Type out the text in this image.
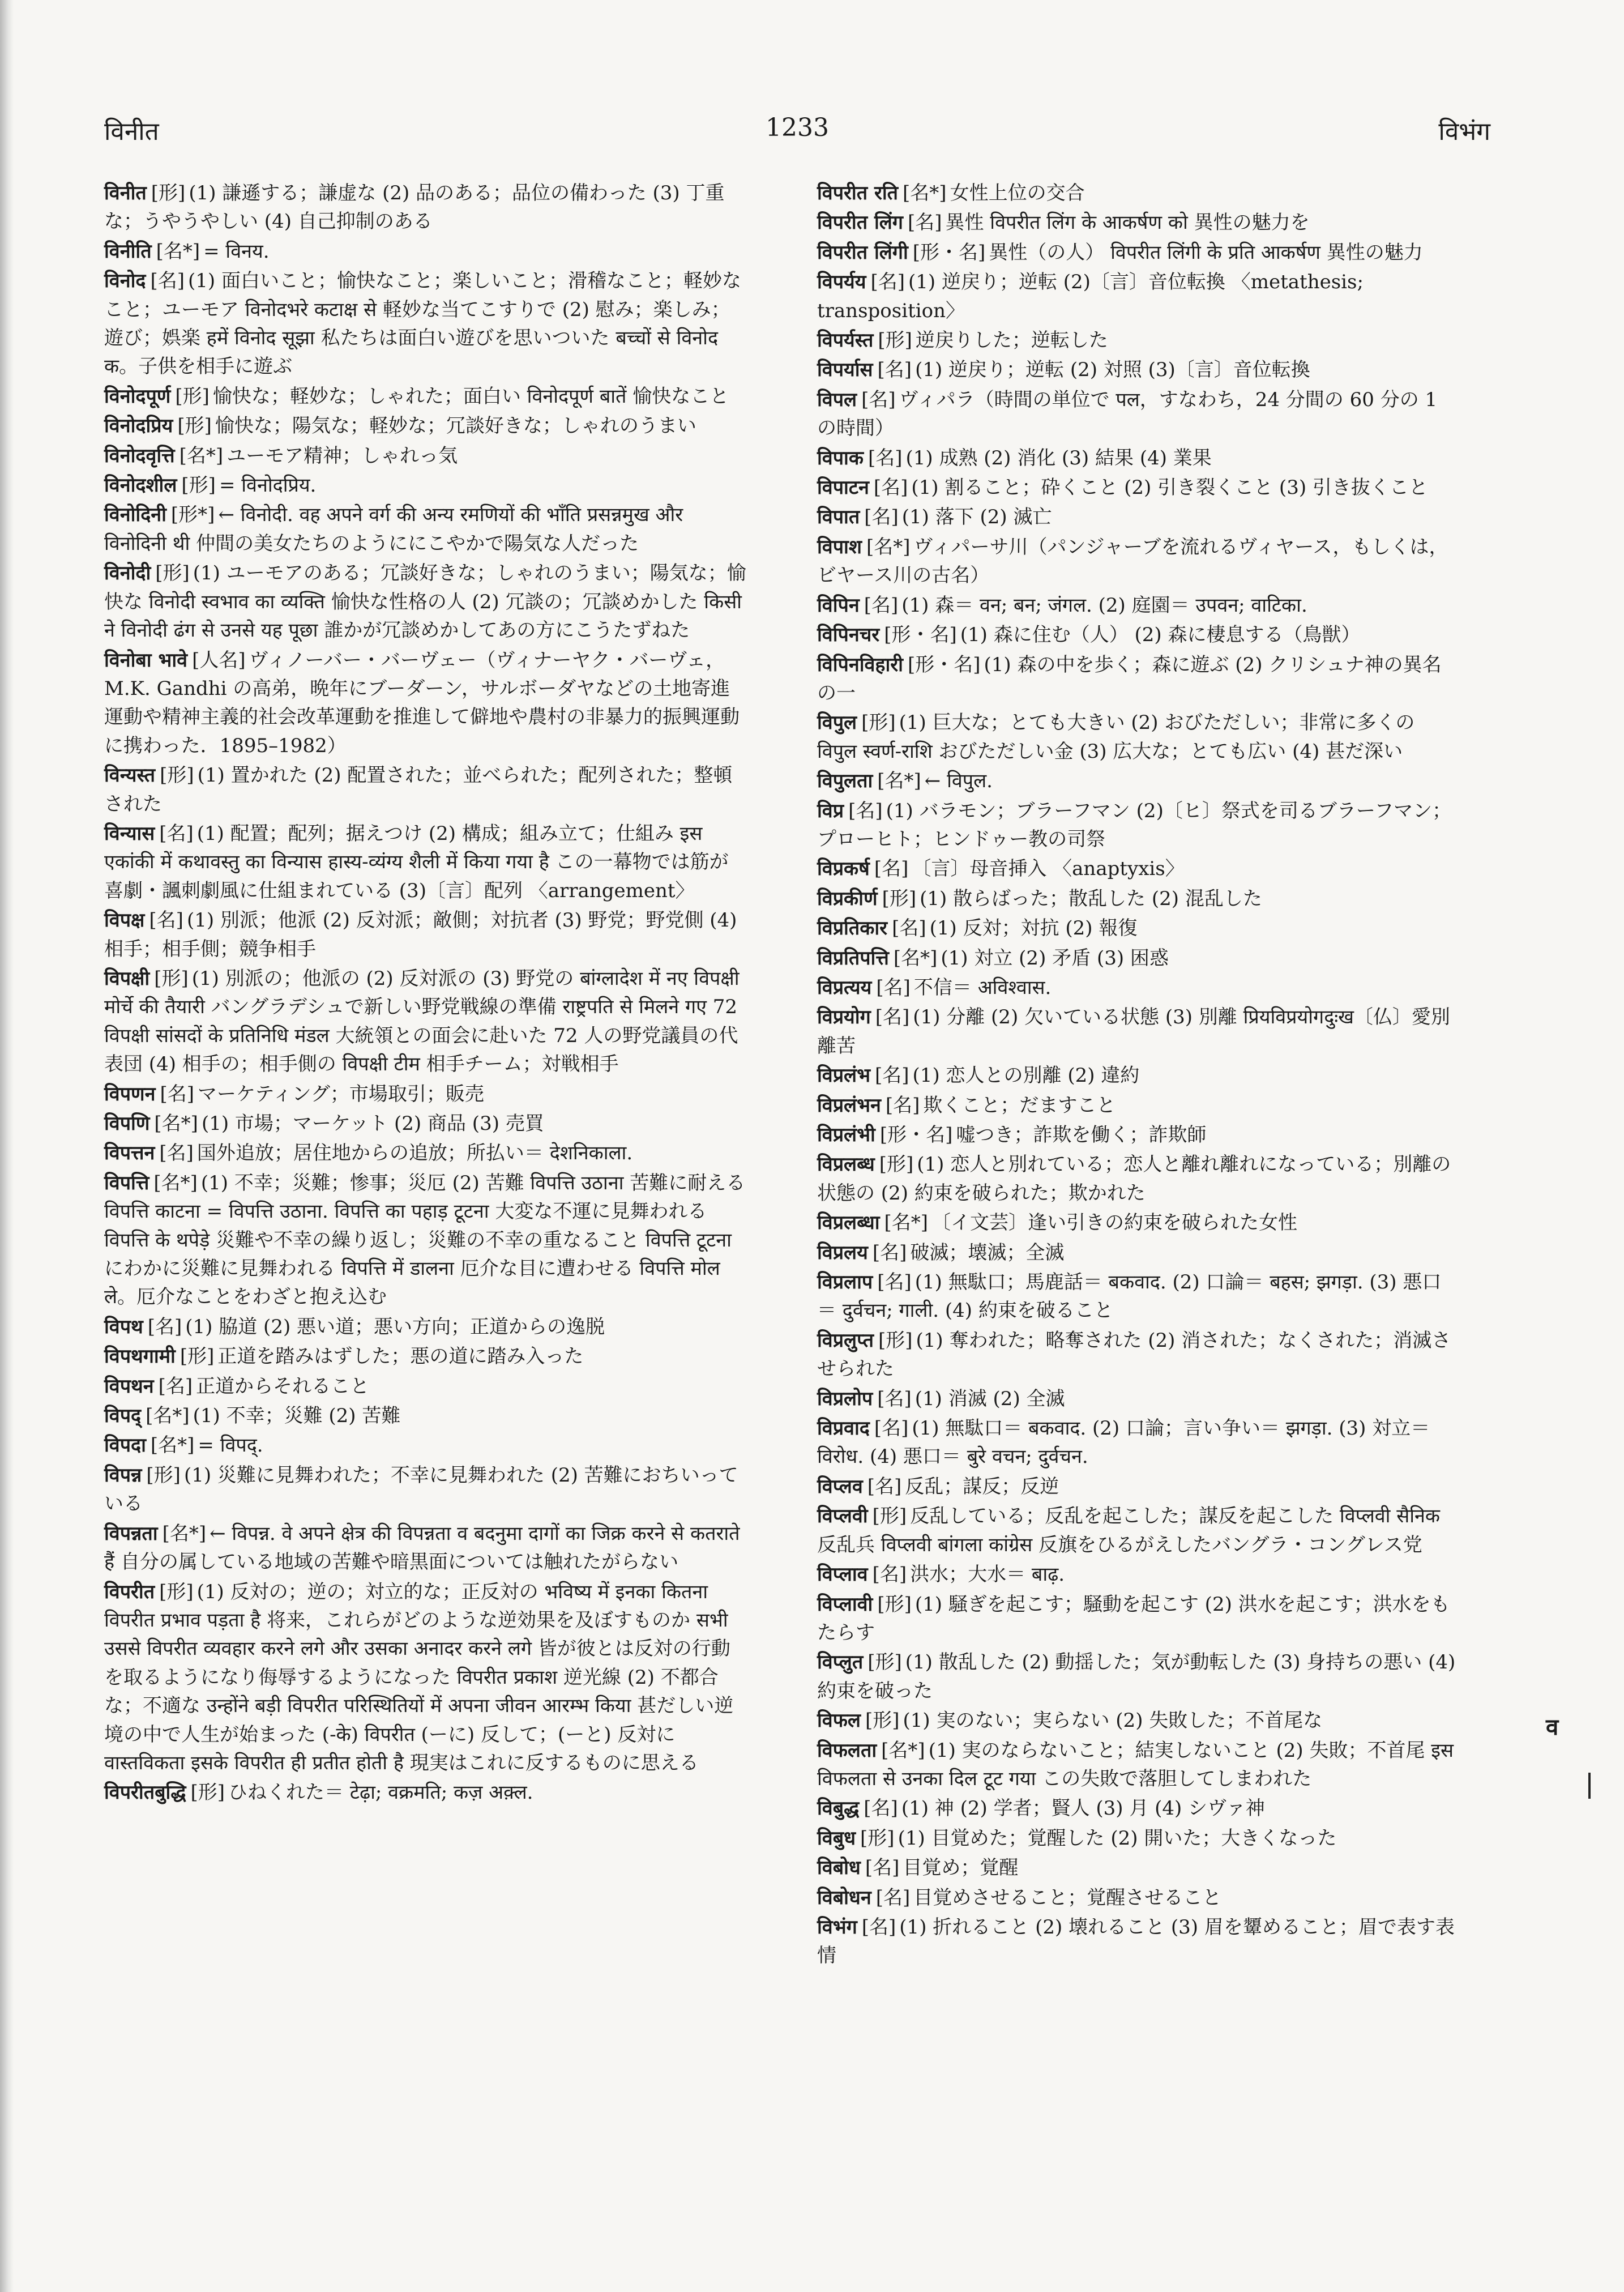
विनीत	1233	विभंग
विनीत [形] (1) 謙遜する；謙虚な (2) 品のある；品位の備わった (3) 丁重な；うやうやしい (4) 自己抑制のある
विनीति [名*] = विनय.
विनोद [名] (1) 面白いこと；愉快なこと；楽しいこと；滑稽なこと；軽妙なこと；ユーモア विनोदभरे कटाक्ष से 軽妙な当てこすりで (2) 慰み；楽しみ；遊び；娯楽 हमें विनोद सूझा 私たちは面白い遊びを思いついた बच्चों से विनोद क。子供を相手に遊ぶ
विनोदपूर्ण [形] 愉快な；軽妙な；しゃれた；面白い विनोदपूर्ण बातें 愉快なこと
विनोदप्रिय [形] 愉快な；陽気な；軽妙な；冗談好きな；しゃれのうまい
विनोदवृत्ति [名*] ユーモア精神；しゃれっ気
विनोदशील [形] = विनोदप्रिय.
विनोदिनी [形*] ← विनोदी. वह अपने वर्ग की अन्य रमणियों की भाँति प्रसन्नमुख और विनोदिनी थी 仲間の美女たちのようににこやかで陽気な人だった
विनोदी [形] (1) ユーモアのある；冗談好きな；しゃれのうまい；陽気な；愉快な विनोदी स्वभाव का व्यक्ति 愉快な性格の人 (2) 冗談の；冗談めかした किसी ने विनोदी ढंग से उनसे यह पूछा 誰かが冗談めかしてあの方にこうたずねた
विनोबा भावे [人名] ヴィノーバー・バーヴェー（ヴィナーヤク・バーヴェ，M.K. Gandhi の高弟，晩年にブーダーン，サルボーダヤなどの土地寄進運動や精神主義的社会改革運動を推進して僻地や農村の非暴力的振興運動に携わった．1895–1982）
विन्यस्त [形] (1) 置かれた (2) 配置された；並べられた；配列された；整頓された
विन्यास [名] (1) 配置；配列；据えつけ (2) 構成；組み立て；仕組み इस एकांकी में कथावस्तु का विन्यास हास्य-व्यंग्य शैली में किया गया है この一幕物では筋が喜劇・諷刺劇風に仕組まれている (3)〔言〕配列 〈arrangement〉
विपक्ष [名] (1) 別派；他派 (2) 反対派；敵側；対抗者 (3) 野党；野党側 (4) 相手；相手側；競争相手
विपक्षी [形] (1) 別派の；他派の (2) 反対派の (3) 野党の बांग्लादेश में नए विपक्षी मोर्चे की तैयारी バングラデシュで新しい野党戦線の準備 राष्ट्रपति से मिलने गए 72 विपक्षी सांसदों के प्रतिनिधि मंडल 大統領との面会に赴いた 72 人の野党議員の代表団 (4) 相手の；相手側の विपक्षी टीम 相手チーム；対戦相手
विपणन [名] マーケティング；市場取引；販売
विपणि [名*] (1) 市場；マーケット (2) 商品 (3) 売買
विपत्तन [名] 国外追放；居住地からの追放；所払い＝ देशनिकाला.
विपत्ति [名*] (1) 不幸；災難；惨事；災厄 (2) 苦難 विपत्ति उठाना 苦難に耐える विपत्ति काटना = विपत्ति उठाना. विपत्ति का पहाड़ टूटना 大変な不運に見舞われる विपत्ति के थपेड़े 災難や不幸の繰り返し；災難の不幸の重なること विपत्ति टूटना にわかに災難に見舞われる विपत्ति में डालना 厄介な目に遭わせる विपत्ति मोल ले。厄介なことをわざと抱え込む
विपथ [名] (1) 脇道 (2) 悪い道；悪い方向；正道からの逸脱
विपथगामी [形] 正道を踏みはずした；悪の道に踏み入った
विपथन [名] 正道からそれること
विपद् [名*] (1) 不幸；災難 (2) 苦難
विपदा [名*] = विपद्.
विपन्न [形] (1) 災難に見舞われた；不幸に見舞われた (2) 苦難におちいっている
विपन्नता [名*] ← विपन्न. वे अपने क्षेत्र की विपन्नता व बदनुमा दागों का जिक्र करने से कतराते हैं 自分の属している地域の苦難や暗黒面については触れたがらない
विपरीत [形] (1) 反対の；逆の；対立的な；正反対の भविष्य में इनका कितना विपरीत प्रभाव पड़ता है 将来，これらがどのような逆効果を及ぼすものか सभी उससे विपरीत व्यवहार करने लगे और उसका अनादर करने लगे 皆が彼とは反対の行動を取るようになり侮辱するようになった विपरीत प्रकाश 逆光線 (2) 不都合な；不適な उन्होंने बड़ी विपरीत परिस्थितियों में अपना जीवन आरम्भ किया 甚だしい逆境の中で人生が始まった (-के) विपरीत (ーに) 反して；(ーと) 反対に वास्तविकता इसके विपरीत ही प्रतीत होती है 現実はこれに反するものに思える
विपरीतबुद्धि [形] ひねくれた＝ टेढ़ा; वक्रमति; कज़ अक़्ल.
विपरीत रति [名*] 女性上位の交合
विपरीत लिंग [名] 異性 विपरीत लिंग के आकर्षण को 異性の魅力を
विपरीत लिंगी [形・名] 異性（の人） विपरीत लिंगी के प्रति आकर्षण 異性の魅力
विपर्यय [名] (1) 逆戻り；逆転 (2)〔言〕音位転換 〈metathesis; transposition〉
विपर्यस्त [形] 逆戻りした；逆転した
विपर्यास [名] (1) 逆戻り；逆転 (2) 対照 (3)〔言〕音位転換
विपल [名] ヴィパラ（時間の単位で पल，すなわち，24 分間の 60 分の 1 の時間）
विपाक [名] (1) 成熟 (2) 消化 (3) 結果 (4) 業果
विपाटन [名] (1) 割ること；砕くこと (2) 引き裂くこと (3) 引き抜くこと
विपात [名] (1) 落下 (2) 滅亡
विपाश [名*] ヴィパーサ川（パンジャーブを流れるヴィヤース，もしくは，ビヤース川の古名）
विपिन [名] (1) 森＝ वन; बन; जंगल. (2) 庭園＝ उपवन; वाटिका.
विपिनचर [形・名] (1) 森に住む（人） (2) 森に棲息する（鳥獣）
विपिनविहारी [形・名] (1) 森の中を歩く；森に遊ぶ (2) クリシュナ神の異名の一
विपुल [形] (1) 巨大な；とても大きい (2) おびただしい；非常に多くの विपुल स्वर्ण-राशि おびただしい金 (3) 広大な；とても広い (4) 甚だ深い
विपुलता [名*] ← विपुल.
विप्र [名] (1) バラモン；ブラーフマン (2)〔ヒ〕祭式を司るブラーフマン；プローヒト；ヒンドゥー教の司祭
विप्रकर्ष [名] 〔言〕母音挿入 〈anaptyxis〉
विप्रकीर्ण [形] (1) 散らばった；散乱した (2) 混乱した
विप्रतिकार [名] (1) 反対；対抗 (2) 報復
विप्रतिपत्ति [名*] (1) 対立 (2) 矛盾 (3) 困惑
विप्रत्यय [名] 不信＝ अविश्वास.
विप्रयोग [名] (1) 分離 (2) 欠いている状態 (3) 別離 प्रियविप्रयोगदुःख〔仏〕愛別離苦
विप्रलंभ [名] (1) 恋人との別離 (2) 違約
विप्रलंभन [名] 欺くこと；だますこと
विप्रलंभी [形・名] 嘘つき；詐欺を働く；詐欺師
विप्रलब्ध [形] (1) 恋人と別れている；恋人と離れ離れになっている；別離の状態の (2) 約束を破られた；欺かれた
विप्रलब्धा [名*] 〔イ文芸〕逢い引きの約束を破られた女性
विप्रलय [名] 破滅；壊滅；全滅
विप्रलाप [名] (1) 無駄口；馬鹿話＝ बकवाद. (2) 口論＝ बहस; झगड़ा. (3) 悪口＝ दुर्वचन; गाली. (4) 約束を破ること
विप्रलुप्त [形] (1) 奪われた；略奪された (2) 消された；なくされた；消滅させられた
विप्रलोप [名] (1) 消滅 (2) 全滅
विप्रवाद [名] (1) 無駄口＝ बकवाद. (2) 口論；言い争い＝ झगड़ा. (3) 対立＝ विरोध. (4) 悪口＝ बुरे वचन; दुर्वचन.
विप्लव [名] 反乱；謀反；反逆
विप्लवी [形] 反乱している；反乱を起こした；謀反を起こした विप्लवी सैनिक 反乱兵 विप्लवी बांगला कांग्रेस 反旗をひるがえしたバングラ・コングレス党
विप्लाव [名] 洪水；大水＝ बाढ़.
विप्लावी [形] (1) 騒ぎを起こす；騒動を起こす (2) 洪水を起こす；洪水をもたらす
विप्लुत [形] (1) 散乱した (2) 動揺した；気が動転した (3) 身持ちの悪い (4) 約束を破った
विफल [形] (1) 実のない；実らない (2) 失敗した；不首尾な
विफलता [名*] (1) 実のならないこと；結実しないこと (2) 失敗；不首尾 इस विफलता से उनका दिल टूट गया この失敗で落胆してしまわれた
विबुद्ध [名] (1) 神 (2) 学者；賢人 (3) 月 (4) シヴァ神
विबुध [形] (1) 目覚めた；覚醒した (2) 開いた；大きくなった
विबोध [名] 目覚め；覚醒
विबोधन [名] 目覚めさせること；覚醒させること
विभंग [名] (1) 折れること (2) 壊れること (3) 眉を顰めること；眉で表す表情
व
